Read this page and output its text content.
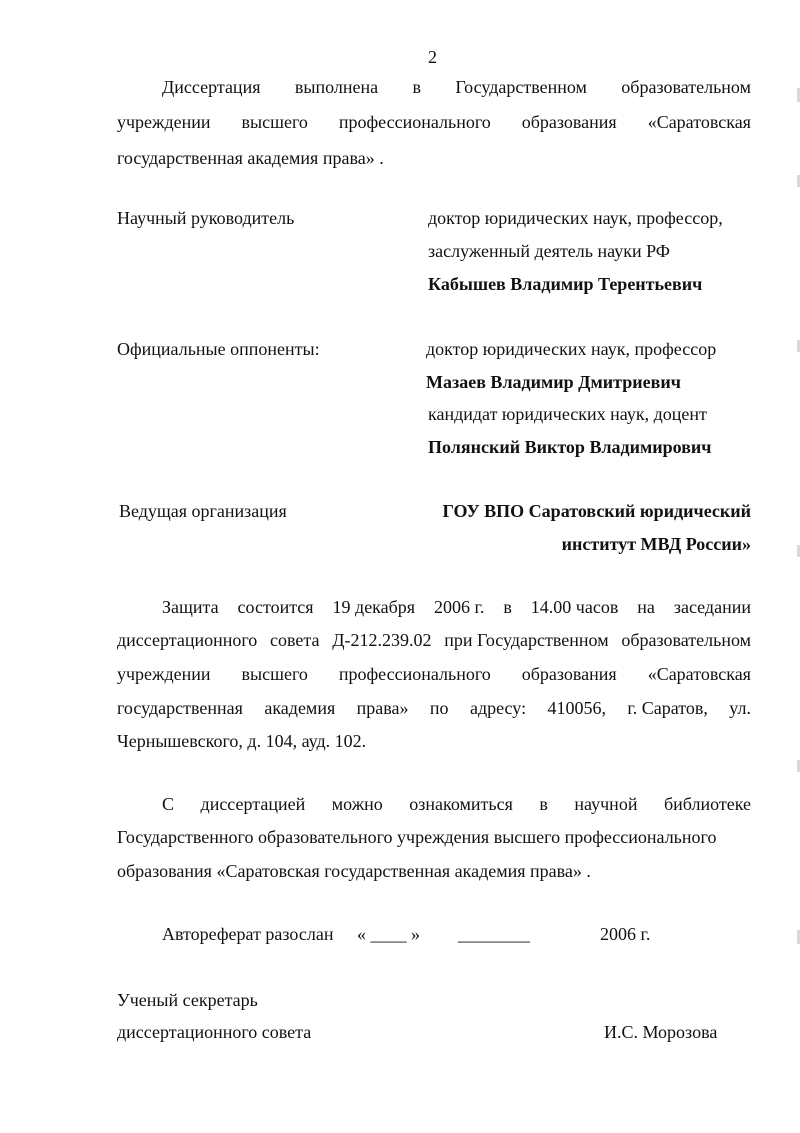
2
Диссертация выполнена в Государственном образовательном
учреждении высшего профессионального образования «Саратовская
государственная академия права» .
Научный руководитель	доктор юридических наук, профессор,
заслуженный деятель науки РФ
Кабышев Владимир Терентьевич
Официальные оппоненты:	доктор юридических наук, профессор
Мазаев Владимир Дмитриевич
кандидат юридических наук, доцент
Полянский Виктор Владимирович
Ведущая организация	ГОУ ВПО Саратовский юридический
институт МВД России»
Защита состоится 19 декабря 2006 г. в 14.00 часов на заседании
диссертационного совета Д-212.239.02 при Государственном образовательном
учреждении высшего профессионального образования «Саратовская
государственная академия права» по адресу: 410056, г. Саратов, ул.
Чернышевского, д. 104, ауд. 102.
С диссертацией можно ознакомиться в научной библиотеке
Государственного образовательного учреждения высшего профессионального
образования «Саратовская государственная академия права» .
Автореферат разослан « ____ » ________	2006 г.
Ученый секретарь
диссертационного совета	И.С. Морозова
